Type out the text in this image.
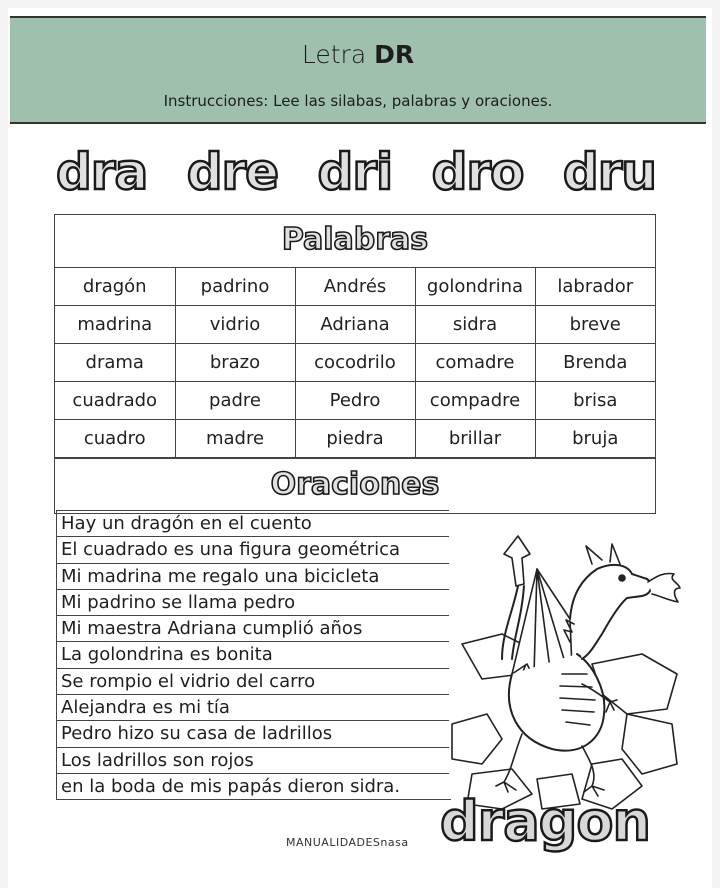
Letra DR
Instrucciones: Lee las silabas, palabras y oraciones.
dra dre dri dro dru
Palabras
dragón	padrino	Andrés	golondrina	labrador
madrina	vidrio	Adriana	sidra	breve
drama	brazo	cocodrilo	comadre	Brenda
cuadrado	padre	Pedro	compadre	brisa
cuadro	madre	piedra	brillar	bruja
Oraciones
Hay un dragón en el cuento
El cuadrado es una figura geométrica
Mi madrina me regalo una bicicleta
Mi padrino se llama pedro
Mi maestra Adriana cumplió años
La golondrina es bonita
Se rompio el vidrio del carro
Alejandra es mi tía
Pedro hizo su casa de ladrillos
Los ladrillos son rojos
en la boda de mis papás dieron sidra.
dragon
MANUALIDADESnasa
